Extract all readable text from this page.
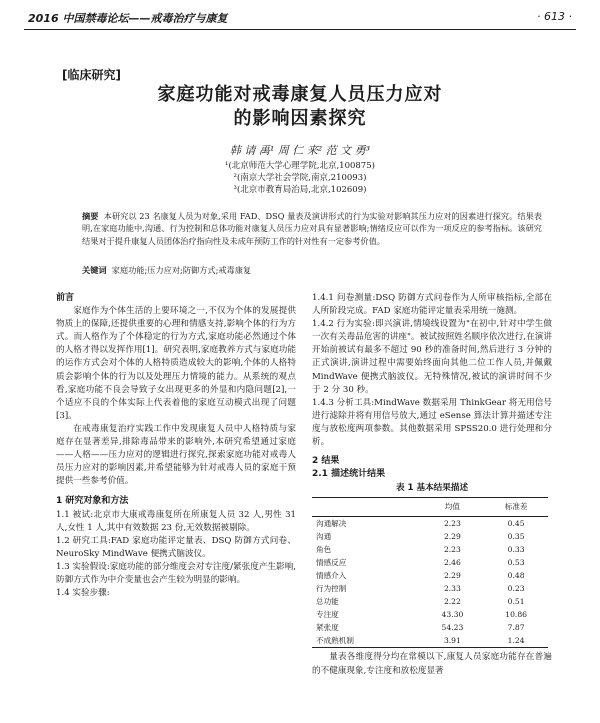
2016 中国禁毒论坛——戒毒治疗与康复	· 613 ·
[临床研究]
家庭功能对戒毒康复人员压力应对
的影响因素探究
韩 请 禹¹ 周 仁 来² 范 文 勇³
¹(北京师范大学心理学院,北京,100875)
²(南京大学社会学院,南京,210093)
³(北京市教育局治局,北京,102609)
摘要 本研究以 23 名康复人员为对象,采用 FAD、DSQ 量表及演讲形式的行为实验对影响其压力应对的因素进行探究。结果表明,在家庭功能中,沟通、行为控制和总体功能对康复人员压力应对具有显著影响;情绪反应可以作为一项反应的参考指标。该研究结果对于提升康复人员团体治疗指向性及未成年预防工作的针对性有一定参考价值。
关键词 家庭功能;压力应对;防御方式;戒毒康复
前言

家庭作为个体生活的上要环境之一,不仅为个体的发展提供物质上的保障,还提供重要的心理和情感支持,影响个体的行为方式。而人格作为了个体稳定的行为方式,家庭功能必然通过个体的人格才得以发挥作用[1]。研究表明,家庭教养方式与家庭功能的运作方式会对个体的人格特质造成较大的影响,个体的人格特质会影响个体的行为以及处理压力情境的能力。从系统的观点看,家庭功能不良会导致子女出现更多的外显和内隐问题[2],一个适应不良的个体实际上代表着他的家庭互动模式出现了问题[3]。

在戒毒康复治疗实践工作中发现康复人员中人格特质与家庭存在显著差异,排除毒品带来的影响外,本研究希望通过家庭——人格——压力应对的逻辑进行探究,探索家庭功能对戒毒人员压力应对的影响因素,并希望能够为针对戒毒人员的家庭干预提供一些参考价值。

1 研究对象和方法

1.1 被试:北京市大康戒毒康复所在所康复人员 32 人,男性 31 人,女性 1 人,其中有效数据 23 份,无效数据被剔除。

1.2 研究工具:FAD 家庭功能评定量表、DSQ 防御方式问卷、NeuroSky MindWave 便携式脑波仪。

1.3 实验假设:家庭功能的部分维度会对专注度/紧张度产生影响,防御方式作为中介变量也会产生较为明显的影响。

1.4 实验步骤:

1.4.1 问卷测量:DSQ 防御方式问卷作为人所审核指标,全部在人所阶段完成。FAD 家庭功能评定量表采用统一施测。

1.4.2 行为实验:即兴演讲,情境线设置为"在初中,针对中学生做一次有关毒品危害的讲座"。被试按照姓名顺序依次进行,在演讲开始前被试有最多不超过 90 秒的准备时间,然后进行 3 分钟的正式演讲,演讲过程中需要始终面向其他二位工作人员,并佩戴 MindWave 便携式脑波仪。无特殊情况,被试的演讲时间不少于 2 分 30 秒。

1.4.3 分析工具:MindWave 数据采用 ThinkGear 将无用信号进行滤除并将有用信号放大,通过 eSense 算法计算并描述专注度与放松度两项参数。其他数据采用 SPSS20.0 进行处理和分析。

2 结果
2.1 描述统计结果
表 1 基本结果描述
	均值	标准差
沟通解决	2.23	0.45
沟通	2.29	0.35
角色	2.23	0.33
情感反应	2.46	0.53
情感介入	2.29	0.48
行为控制	2.33	0.23
总功能	2.22	0.51
专注度	43.30	10.86
紧张度	54.23	7.87
不成熟机制	3.91	1.24

量表各维度得分均在常模以下,康复人员家庭功能存在普遍的不健康现象,专注度和放松度显著
